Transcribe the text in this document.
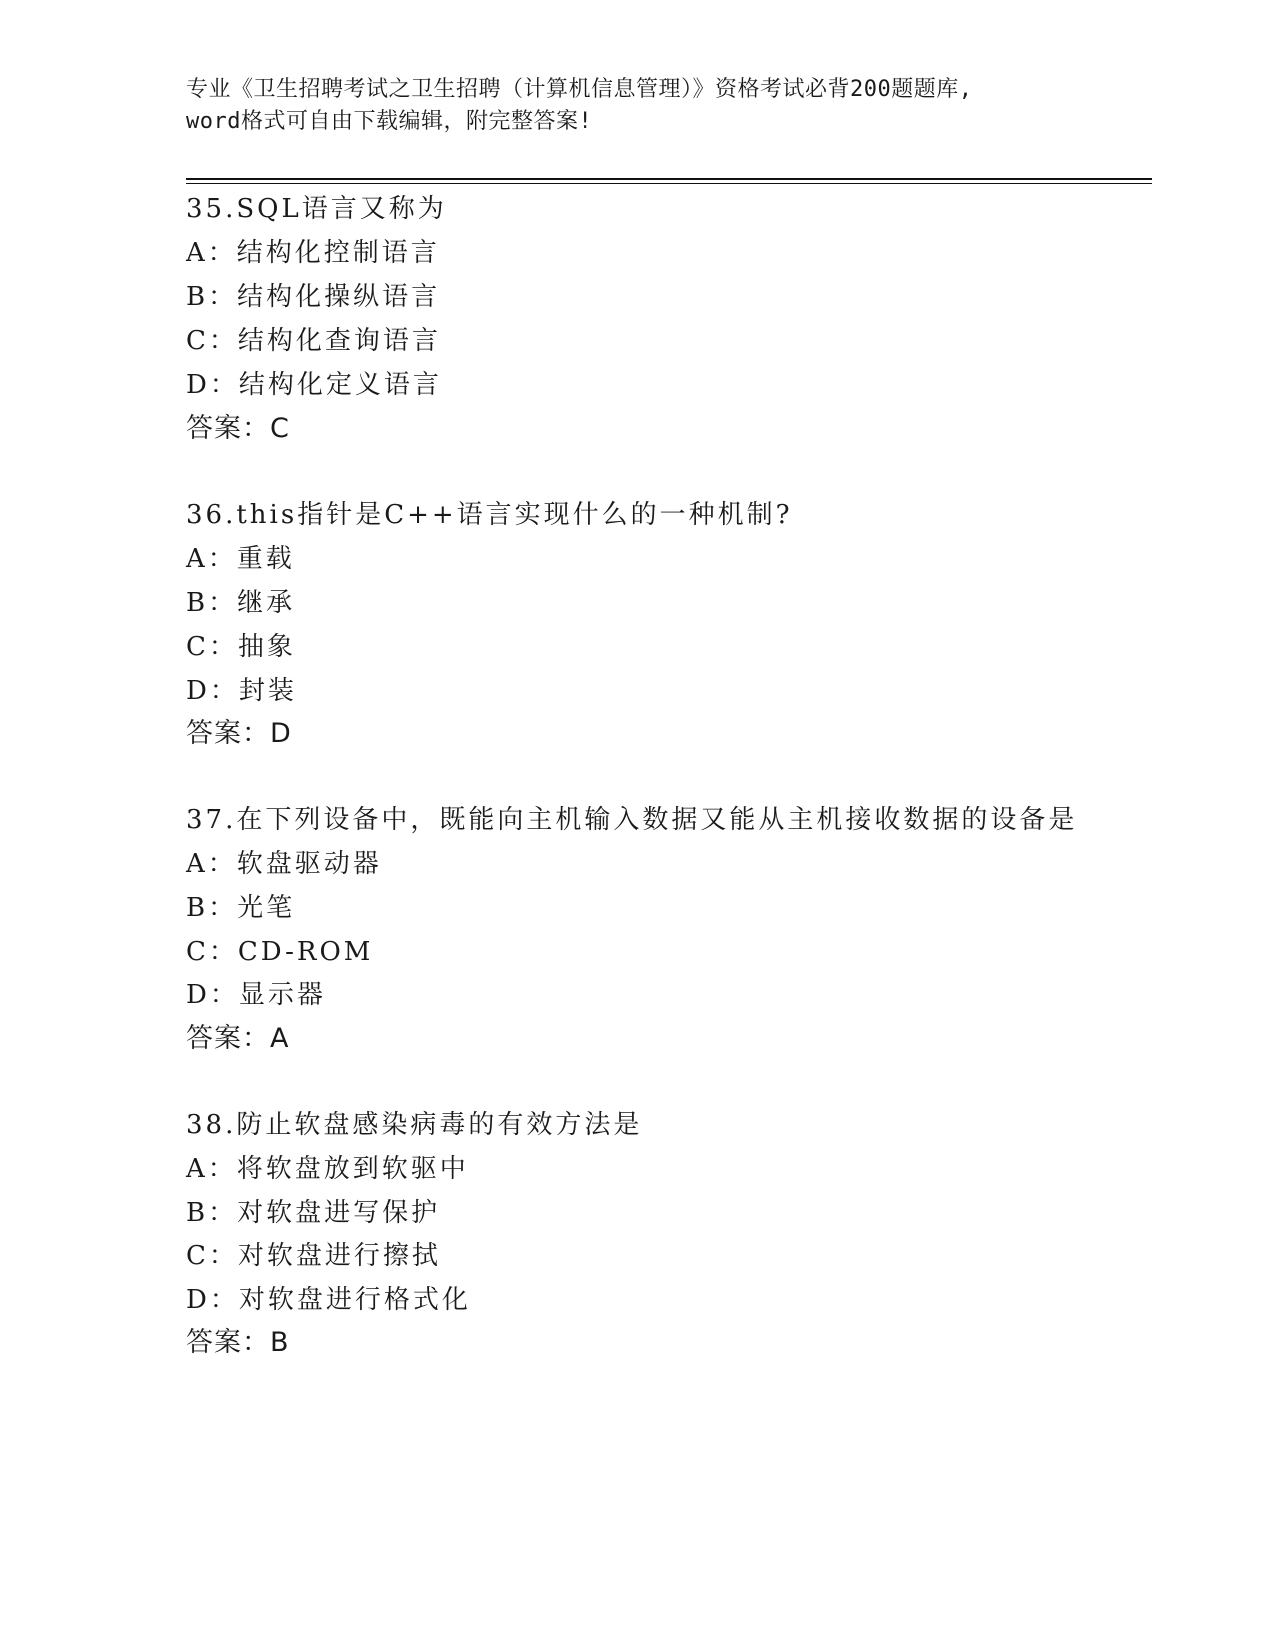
专业《卫生招聘考试之卫生招聘（计算机信息管理）》资格考试必背200题题库,
word格式可自由下载编辑，附完整答案!
35.SQL语言又称为
A：结构化控制语言
B：结构化操纵语言
C：结构化查询语言
D：结构化定义语言
答案：C
36.this指针是C++语言实现什么的一种机制?
A：重载
B：继承
C：抽象
D：封装
答案：D
37.在下列设备中，既能向主机输入数据又能从主机接收数据的设备是
A：软盘驱动器
B：光笔
C：CD-ROM
D：显示器
答案：A
38.防止软盘感染病毒的有效方法是
A：将软盘放到软驱中
B：对软盘进写保护
C：对软盘进行擦拭
D：对软盘进行格式化
答案：B
